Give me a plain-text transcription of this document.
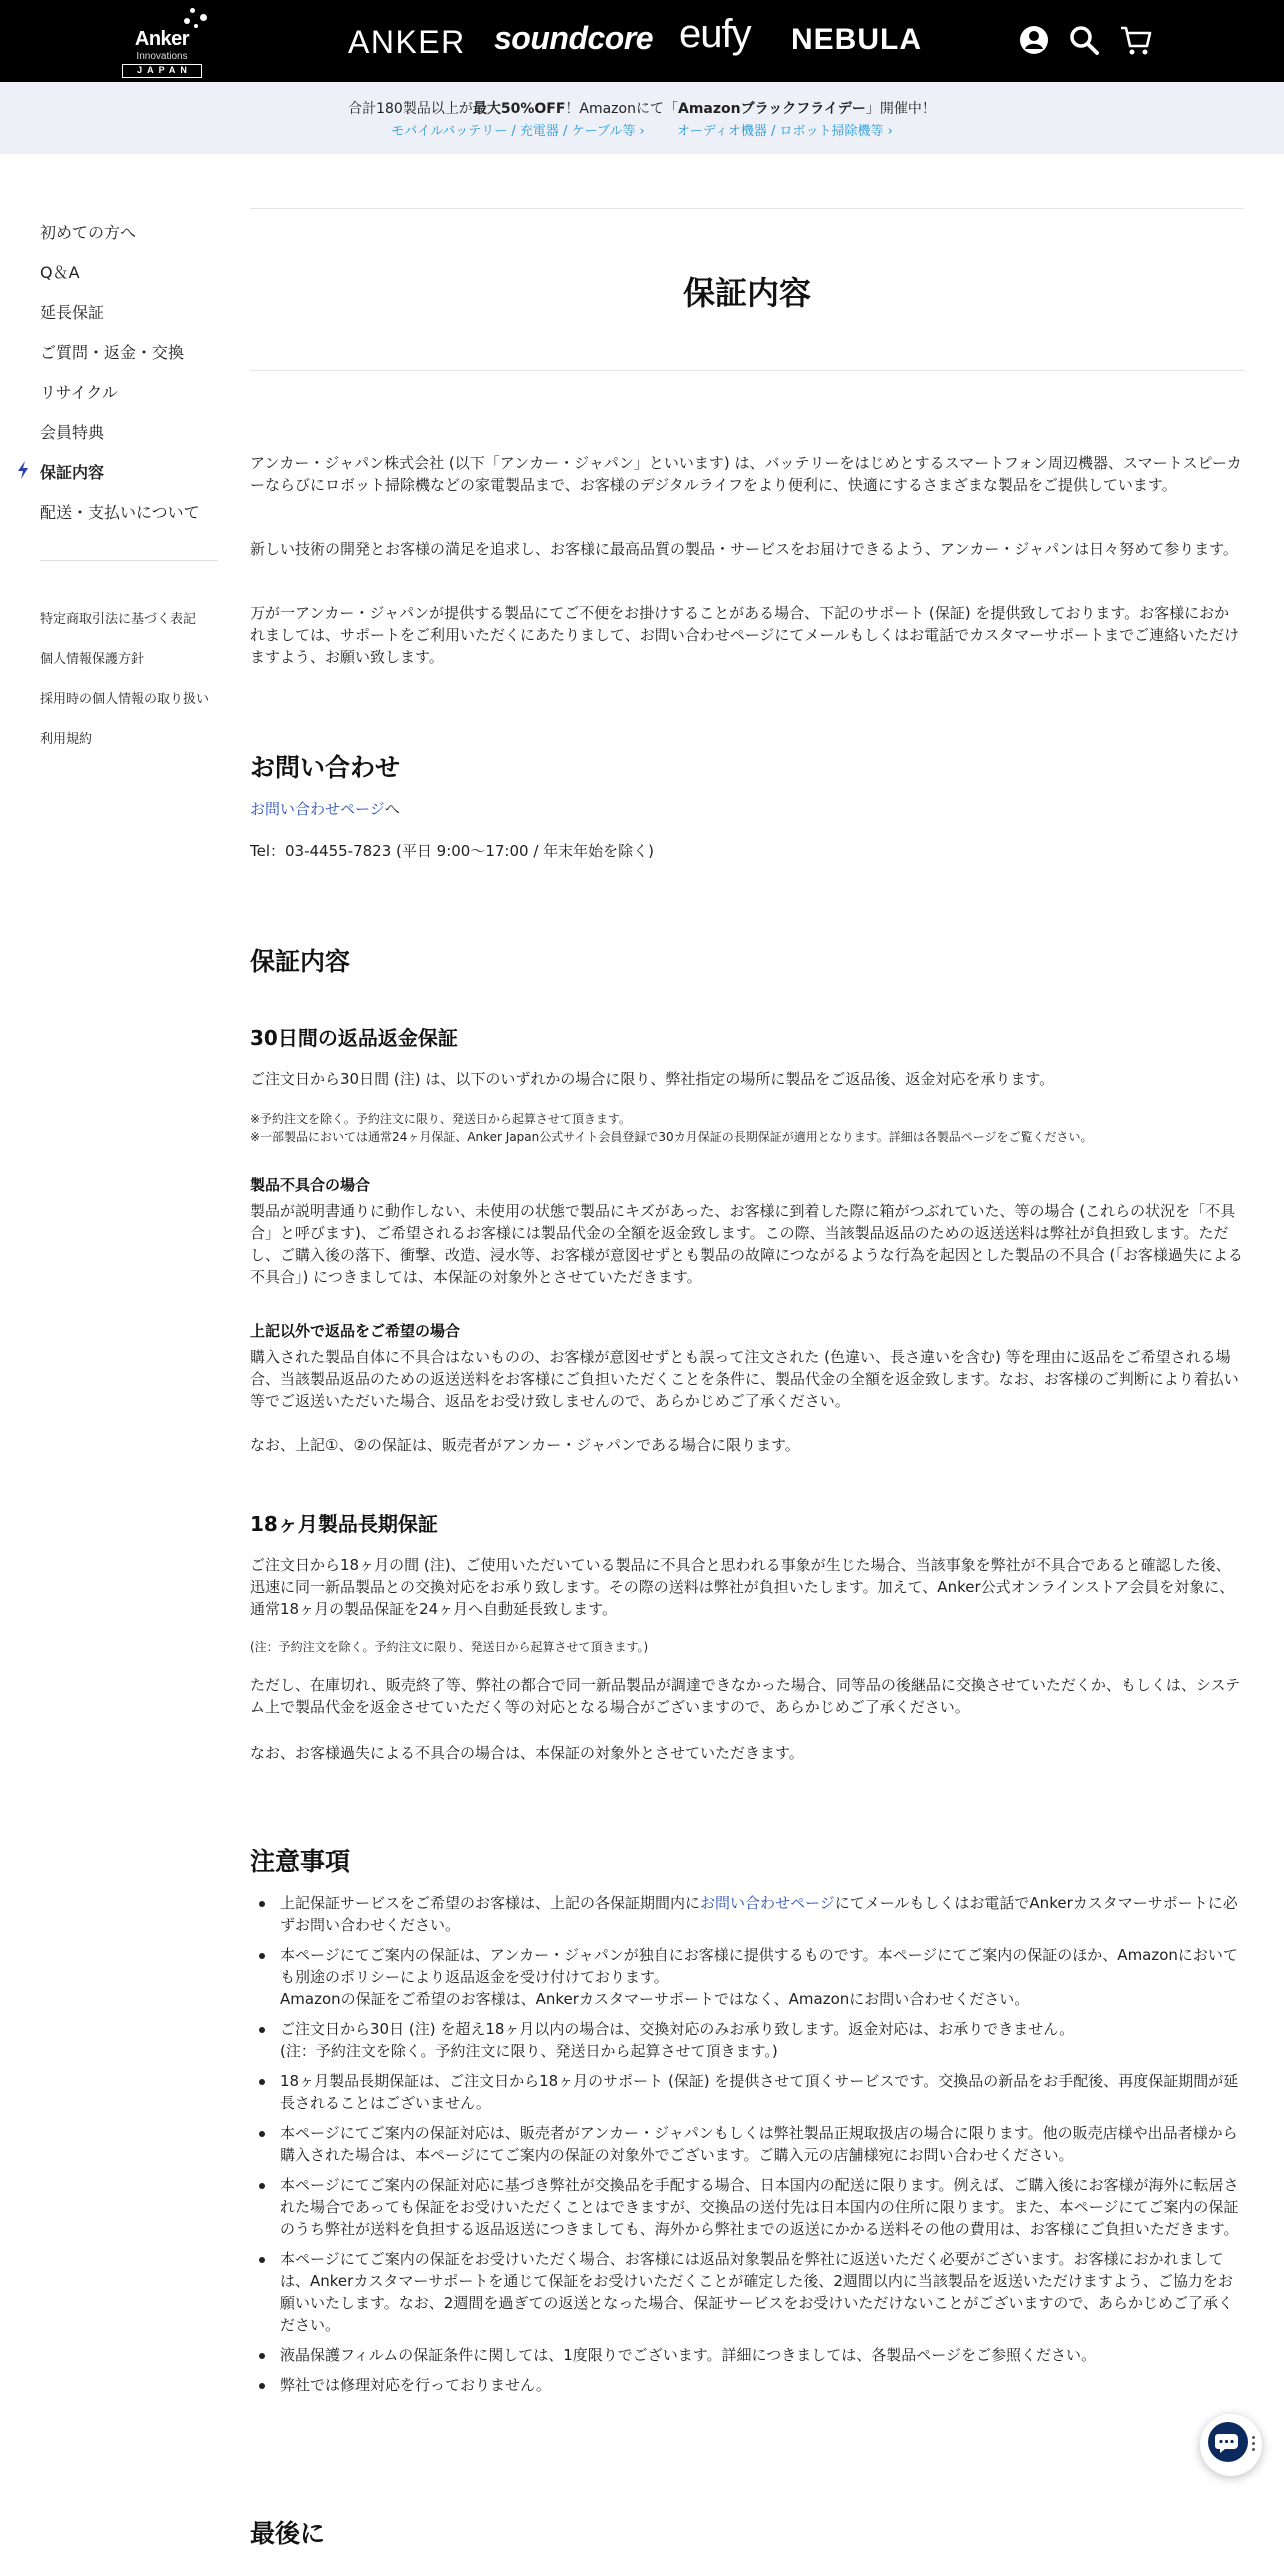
Anker
Innovations
JAPAN
ANKER soundcore eufy NEBULA
合計180製品以上が最大50%OFF！Amazonにて「Amazonブラックフライデー」開催中！
モバイルバッテリー / 充電器 / ケーブル等 › オーディオ機器 / ロボット掃除機等 ›
初めての方へ
Q＆A
延長保証
ご質問・返金・交換
リサイクル
会員特典
保証内容
配送・支払いについて
特定商取引法に基づく表記
個人情報保護方針
採用時の個人情報の取り扱い
利用規約
保証内容

アンカー・ジャパン株式会社 (以下「アンカー・ジャパン」といいます) は、バッテリーをはじめとするスマートフォン周辺機器、スマートスピーカーならびにロボット掃除機などの家電製品まで、お客様のデジタルライフをより便利に、快適にするさまざまな製品をご提供しています。

新しい技術の開発とお客様の満足を追求し、お客様に最高品質の製品・サービスをお届けできるよう、アンカー・ジャパンは日々努めて参ります。

万が一アンカー・ジャパンが提供する製品にてご不便をお掛けすることがある場合、下記のサポート (保証) を提供致しております。お客様におかれましては、サポートをご利用いただくにあたりまして、お問い合わせページにてメールもしくはお電話でカスタマーサポートまでご連絡いただけますよう、お願い致します。

お問い合わせ

お問い合わせページへ

Tel：03-4455-7823 (平日 9:00〜17:00 / 年末年始を除く)

保証内容
30日間の返品返金保証

ご注文日から30日間 (注) は、以下のいずれかの場合に限り、弊社指定の場所に製品をご返品後、返金対応を承ります。

※予約注文を除く。予約注文に限り、発送日から起算させて頂きます。

※一部製品においては通常24ヶ月保証、Anker Japan公式サイト会員登録で30カ月保証の長期保証が適用となります。詳細は各製品ページをご覧ください。

製品不具合の場合

製品が説明書通りに動作しない、未使用の状態で製品にキズがあった、お客様に到着した際に箱がつぶれていた、等の場合 (これらの状況を「不具合」と呼びます)、ご希望されるお客様には製品代金の全額を返金致します。この際、当該製品返品のための返送送料は弊社が負担致します。ただし、ご購入後の落下、衝撃、改造、浸水等、お客様が意図せずとも製品の故障につながるような行為を起因とした製品の不具合 (「お客様過失による不具合」) につきましては、本保証の対象外とさせていただきます。

上記以外で返品をご希望の場合

購入された製品自体に不具合はないものの、お客様が意図せずとも誤って注文された (色違い、長さ違いを含む) 等を理由に返品をご希望される場合、当該製品返品のための返送送料をお客様にご負担いただくことを条件に、製品代金の全額を返金致します。なお、お客様のご判断により着払い等でご返送いただいた場合、返品をお受け致しませんので、あらかじめご了承ください。

なお、上記①、②の保証は、販売者がアンカー・ジャパンである場合に限ります。

18ヶ月製品長期保証

ご注文日から18ヶ月の間 (注)、ご使用いただいている製品に不具合と思われる事象が生じた場合、当該事象を弊社が不具合であると確認した後、迅速に同一新品製品との交換対応をお承り致します。その際の送料は弊社が負担いたします。加えて、Anker公式オンラインストア会員を対象に、通常18ヶ月の製品保証を24ヶ月へ自動延長致します。

(注：予約注文を除く。予約注文に限り、発送日から起算させて頂きます。)

ただし、在庫切れ、販売終了等、弊社の都合で同一新品製品が調達できなかった場合、同等品の後継品に交換させていただくか、もしくは、システム上で製品代金を返金させていただく等の対応となる場合がございますので、あらかじめご了承ください。

なお、お客様過失による不具合の場合は、本保証の対象外とさせていただきます。

注意事項
上記保証サービスをご希望のお客様は、上記の各保証期間内にお問い合わせページにてメールもしくはお電話でAnkerカスタマーサポートに必ずお問い合わせください。
本ページにてご案内の保証は、アンカー・ジャパンが独自にお客様に提供するものです。本ページにてご案内の保証のほか、Amazonにおいても別途のポリシーにより返品返金を受け付けております。
Amazonの保証をご希望のお客様は、Ankerカスタマーサポートではなく、Amazonにお問い合わせください。
ご注文日から30日 (注) を超え18ヶ月以内の場合は、交換対応のみお承り致します。返金対応は、お承りできません。
(注：予約注文を除く。予約注文に限り、発送日から起算させて頂きます。)
18ヶ月製品長期保証は、ご注文日から18ヶ月のサポート (保証) を提供させて頂くサービスです。交換品の新品をお手配後、再度保証期間が延長されることはございません。
本ページにてご案内の保証対応は、販売者がアンカー・ジャパンもしくは弊社製品正規取扱店の場合に限ります。他の販売店様や出品者様から購入された場合は、本ページにてご案内の保証の対象外でございます。ご購入元の店舗様宛にお問い合わせください。
本ページにてご案内の保証対応に基づき弊社が交換品を手配する場合、日本国内の配送に限ります。例えば、ご購入後にお客様が海外に転居された場合であっても保証をお受けいただくことはできますが、交換品の送付先は日本国内の住所に限ります。また、本ページにてご案内の保証のうち弊社が送料を負担する返品返送につきましても、海外から弊社までの返送にかかる送料その他の費用は、お客様にご負担いただきます。
本ページにてご案内の保証をお受けいただく場合、お客様には返品対象製品を弊社に返送いただく必要がございます。お客様におかれましては、Ankerカスタマーサポートを通じて保証をお受けいただくことが確定した後、2週間以内に当該製品を返送いただけますよう、ご協力をお願いいたします。なお、2週間を過ぎての返送となった場合、保証サービスをお受けいただけないことがございますので、あらかじめご了承ください。
液晶保護フィルムの保証条件に関しては、1度限りでございます。詳細につきましては、各製品ページをご参照ください。
弊社では修理対応を行っておりません。
最後に
